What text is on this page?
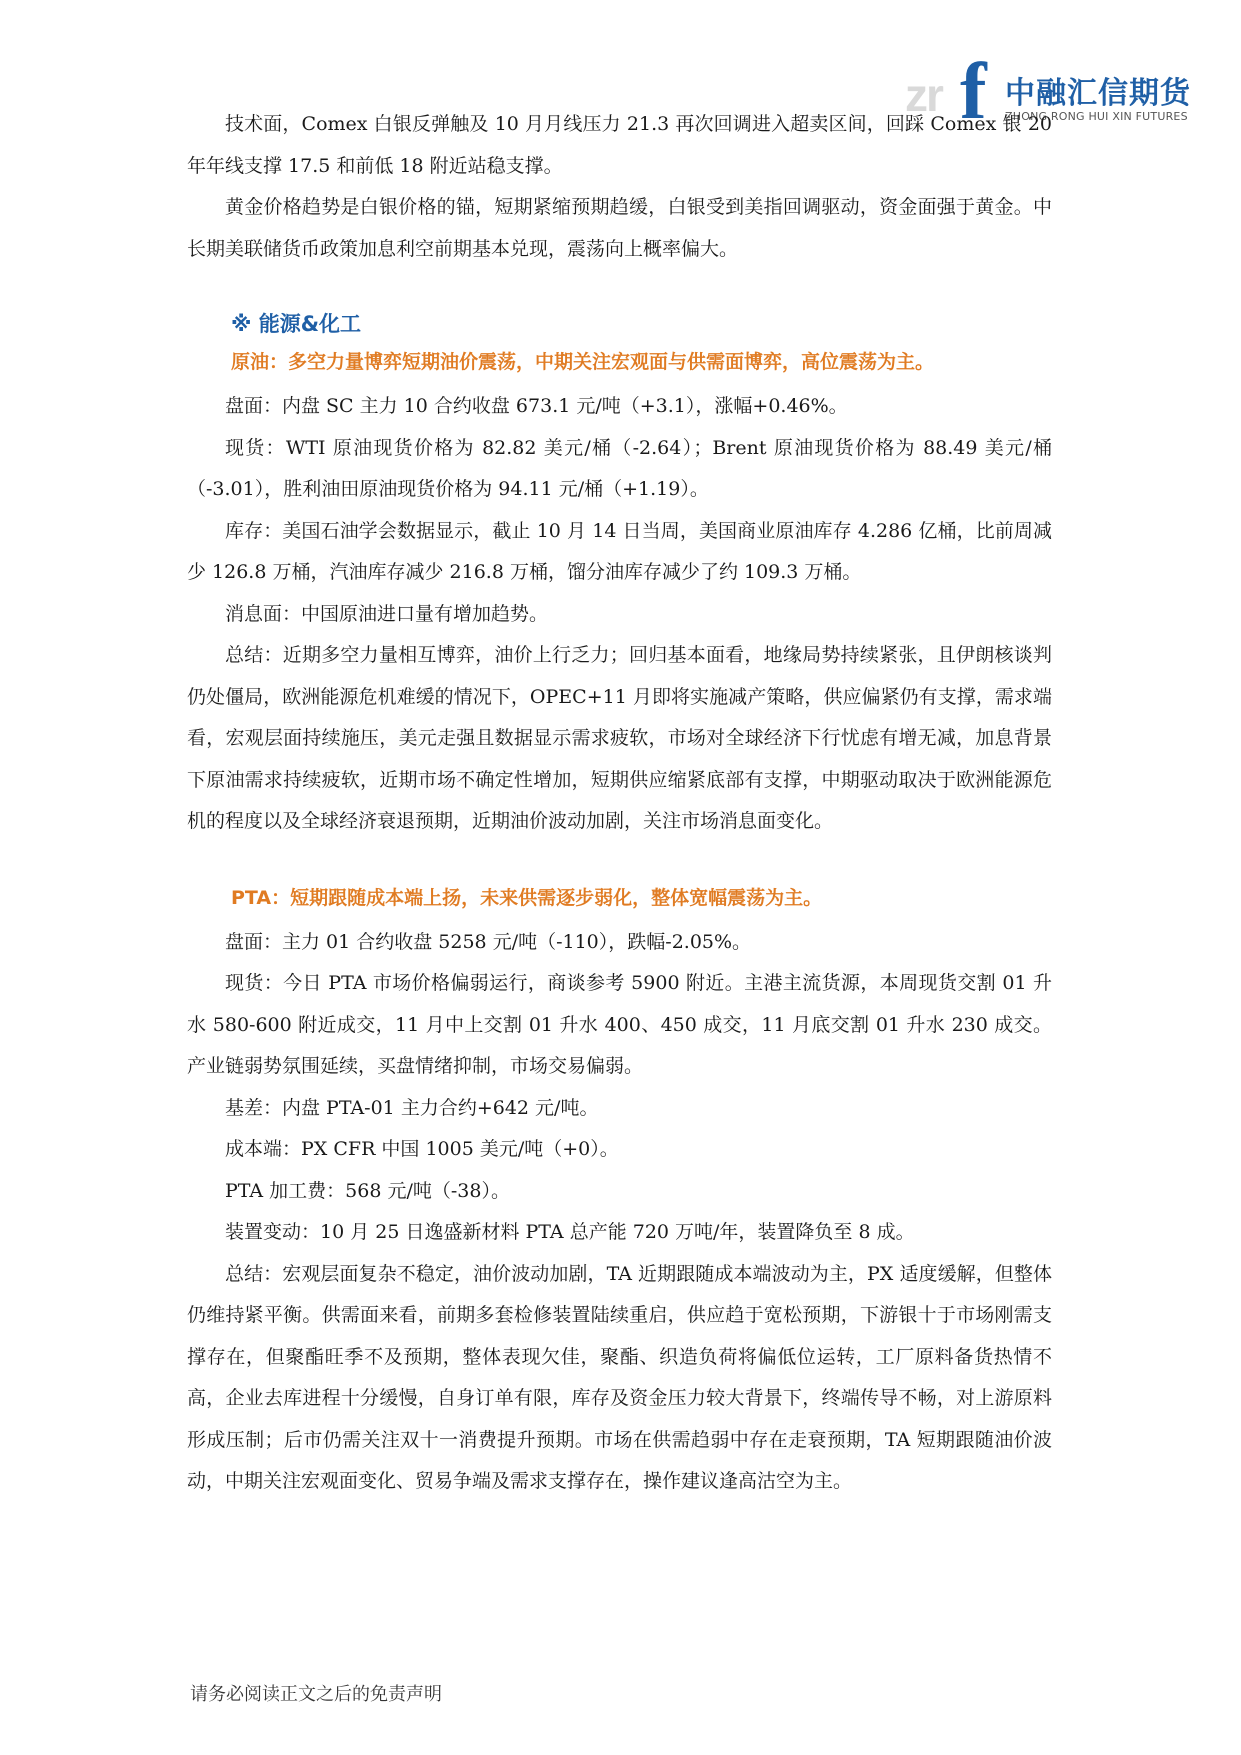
zr f 中融汇信期货
ZHONG RONG HUI XIN FUTURES

技术面，Comex 白银反弹触及 10 月月线压力 21.3 再次回调进入超卖区间，回踩 Comex 银 20 年年线支撑 17.5 和前低 18 附近站稳支撑。

黄金价格趋势是白银价格的锚，短期紧缩预期趋缓，白银受到美指回调驱动，资金面强于黄金。中长期美联储货币政策加息利空前期基本兑现，震荡向上概率偏大。

※ 能源&化工
原油：多空力量博弈短期油价震荡，中期关注宏观面与供需面博弈，高位震荡为主。

盘面：内盘 SC 主力 10 合约收盘 673.1 元/吨（+3.1），涨幅+0.46%。

现货：WTI 原油现货价格为 82.82 美元/桶（-2.64）；Brent 原油现货价格为 88.49 美元/桶（-3.01），胜利油田原油现货价格为 94.11 元/桶（+1.19）。

库存：美国石油学会数据显示，截止 10 月 14 日当周，美国商业原油库存 4.286 亿桶，比前周减少 126.8 万桶，汽油库存减少 216.8 万桶，馏分油库存减少了约 109.3 万桶。

消息面：中国原油进口量有增加趋势。

总结：近期多空力量相互博弈，油价上行乏力；回归基本面看，地缘局势持续紧张，且伊朗核谈判仍处僵局，欧洲能源危机难缓的情况下，OPEC+11 月即将实施减产策略，供应偏紧仍有支撑，需求端看，宏观层面持续施压，美元走强且数据显示需求疲软，市场对全球经济下行忧虑有增无减，加息背景下原油需求持续疲软，近期市场不确定性增加，短期供应缩紧底部有支撑，中期驱动取决于欧洲能源危机的程度以及全球经济衰退预期，近期油价波动加剧，关注市场消息面变化。

PTA：短期跟随成本端上扬，未来供需逐步弱化，整体宽幅震荡为主。

盘面：主力 01 合约收盘 5258 元/吨（-110），跌幅-2.05%。

现货：今日 PTA 市场价格偏弱运行，商谈参考 5900 附近。主港主流货源，本周现货交割 01 升水 580-600 附近成交，11 月中上交割 01 升水 400、450 成交，11 月底交割 01 升水 230 成交。产业链弱势氛围延续，买盘情绪抑制，市场交易偏弱。

基差：内盘 PTA-01 主力合约+642 元/吨。

成本端：PX CFR 中国 1005 美元/吨（+0）。

PTA 加工费：568 元/吨（-38）。

装置变动：10 月 25 日逸盛新材料 PTA 总产能 720 万吨/年，装置降负至 8 成。

总结：宏观层面复杂不稳定，油价波动加剧，TA 近期跟随成本端波动为主，PX 适度缓解，但整体仍维持紧平衡。供需面来看，前期多套检修装置陆续重启，供应趋于宽松预期，下游银十于市场刚需支撑存在，但聚酯旺季不及预期，整体表现欠佳，聚酯、织造负荷将偏低位运转，工厂原料备货热情不高，企业去库进程十分缓慢，自身订单有限，库存及资金压力较大背景下，终端传导不畅，对上游原料形成压制；后市仍需关注双十一消费提升预期。市场在供需趋弱中存在走衰预期，TA 短期跟随油价波动，中期关注宏观面变化、贸易争端及需求支撑存在，操作建议逢高沽空为主。

请务必阅读正文之后的免责声明
